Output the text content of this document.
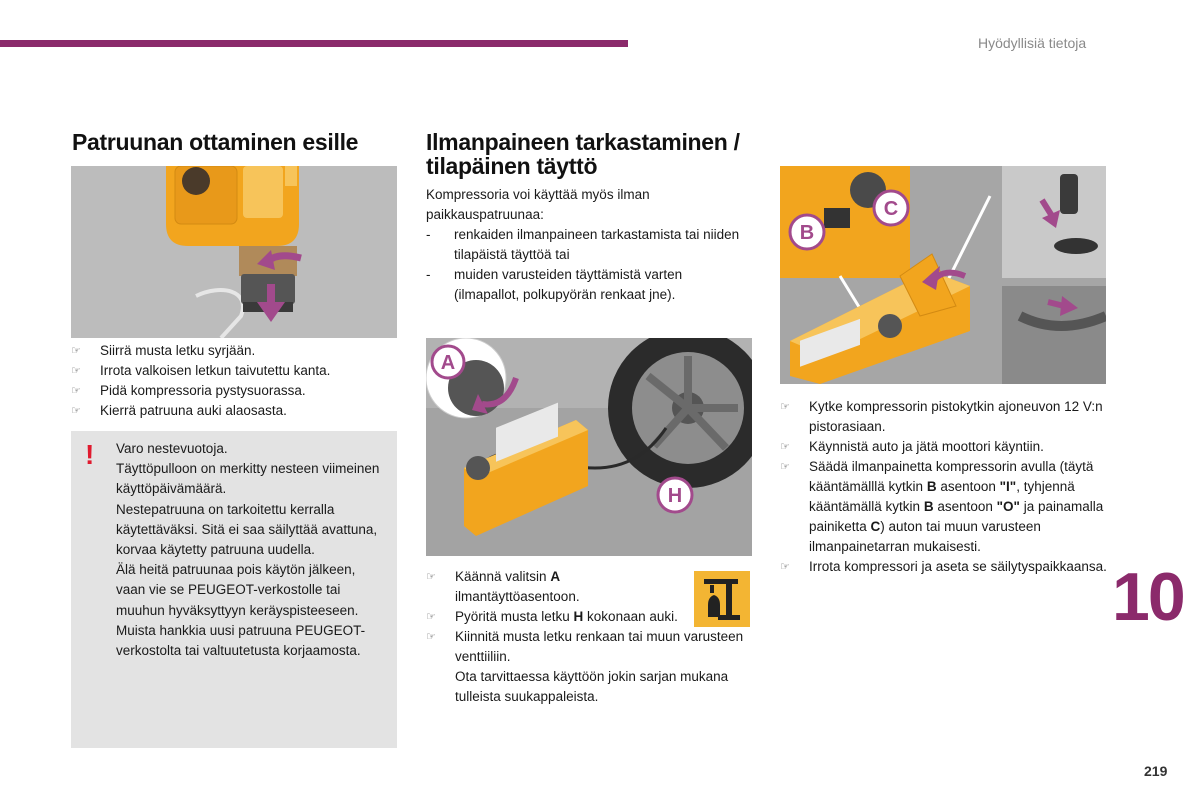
Hyödyllisiä tietoja
Patruunan ottaminen esille
☞ Siirrä musta letku syrjään.
☞ Irrota valkoisen letkun taivutettu kanta.
☞ Pidä kompressoria pystysuorassa.
☞ Kierrä patruuna auki alaosasta.
! Varo nestevuotoja.
Täyttöpulloon on merkitty nesteen viimeinen käyttöpäivämäärä.
Nestepatruuna on tarkoitettu kerralla käytettäväksi. Sitä ei saa säilyttää avattuna, korvaa käytetty patruuna uudella.
Älä heitä patruunaa pois käytön jälkeen, vaan vie se PEUGEOT-verkostolle tai muuhun hyväksyttyyn keräyspisteeseen.
Muista hankkia uusi patruuna PEUGEOT-verkostolta tai valtuutetusta korjaamosta.
Ilmanpaineen tarkastaminen /
tilapäinen täyttö
Kompressoria voi käyttää myös ilman paikkauspatruunaa:
- renkaiden ilmanpaineen tarkastamista tai niiden tilapäistä täyttöä tai
- muiden varusteiden täyttämistä varten (ilmapallot, polkupyörän renkaat jne).
A
H
☞ Käännä valitsin A
ilmantäyttöasentoon.
☞ Pyöritä musta letku H kokonaan auki.
☞ Kiinnitä musta letku renkaan tai muun varusteen venttiiliin.
Ota tarvittaessa käyttöön jokin sarjan mukana tulleista suukappaleista.
B
C
☞ Kytke kompressorin pistokytkin ajoneuvon 12 V:n pistorasiaan.
☞ Käynnistä auto ja jätä moottori käyntiin.
☞ Säädä ilmanpainetta kompressorin avulla (täytä kääntämälllä kytkin B asentoon "I", tyhjennä kääntämällä kytkin B asentoon "O" ja painamalla painiketta C) auton tai muun varusteen ilmanpainetarran mukaisesti.
☞ Irrota kompressori ja aseta se säilytyspaikkaansa. 10
219
